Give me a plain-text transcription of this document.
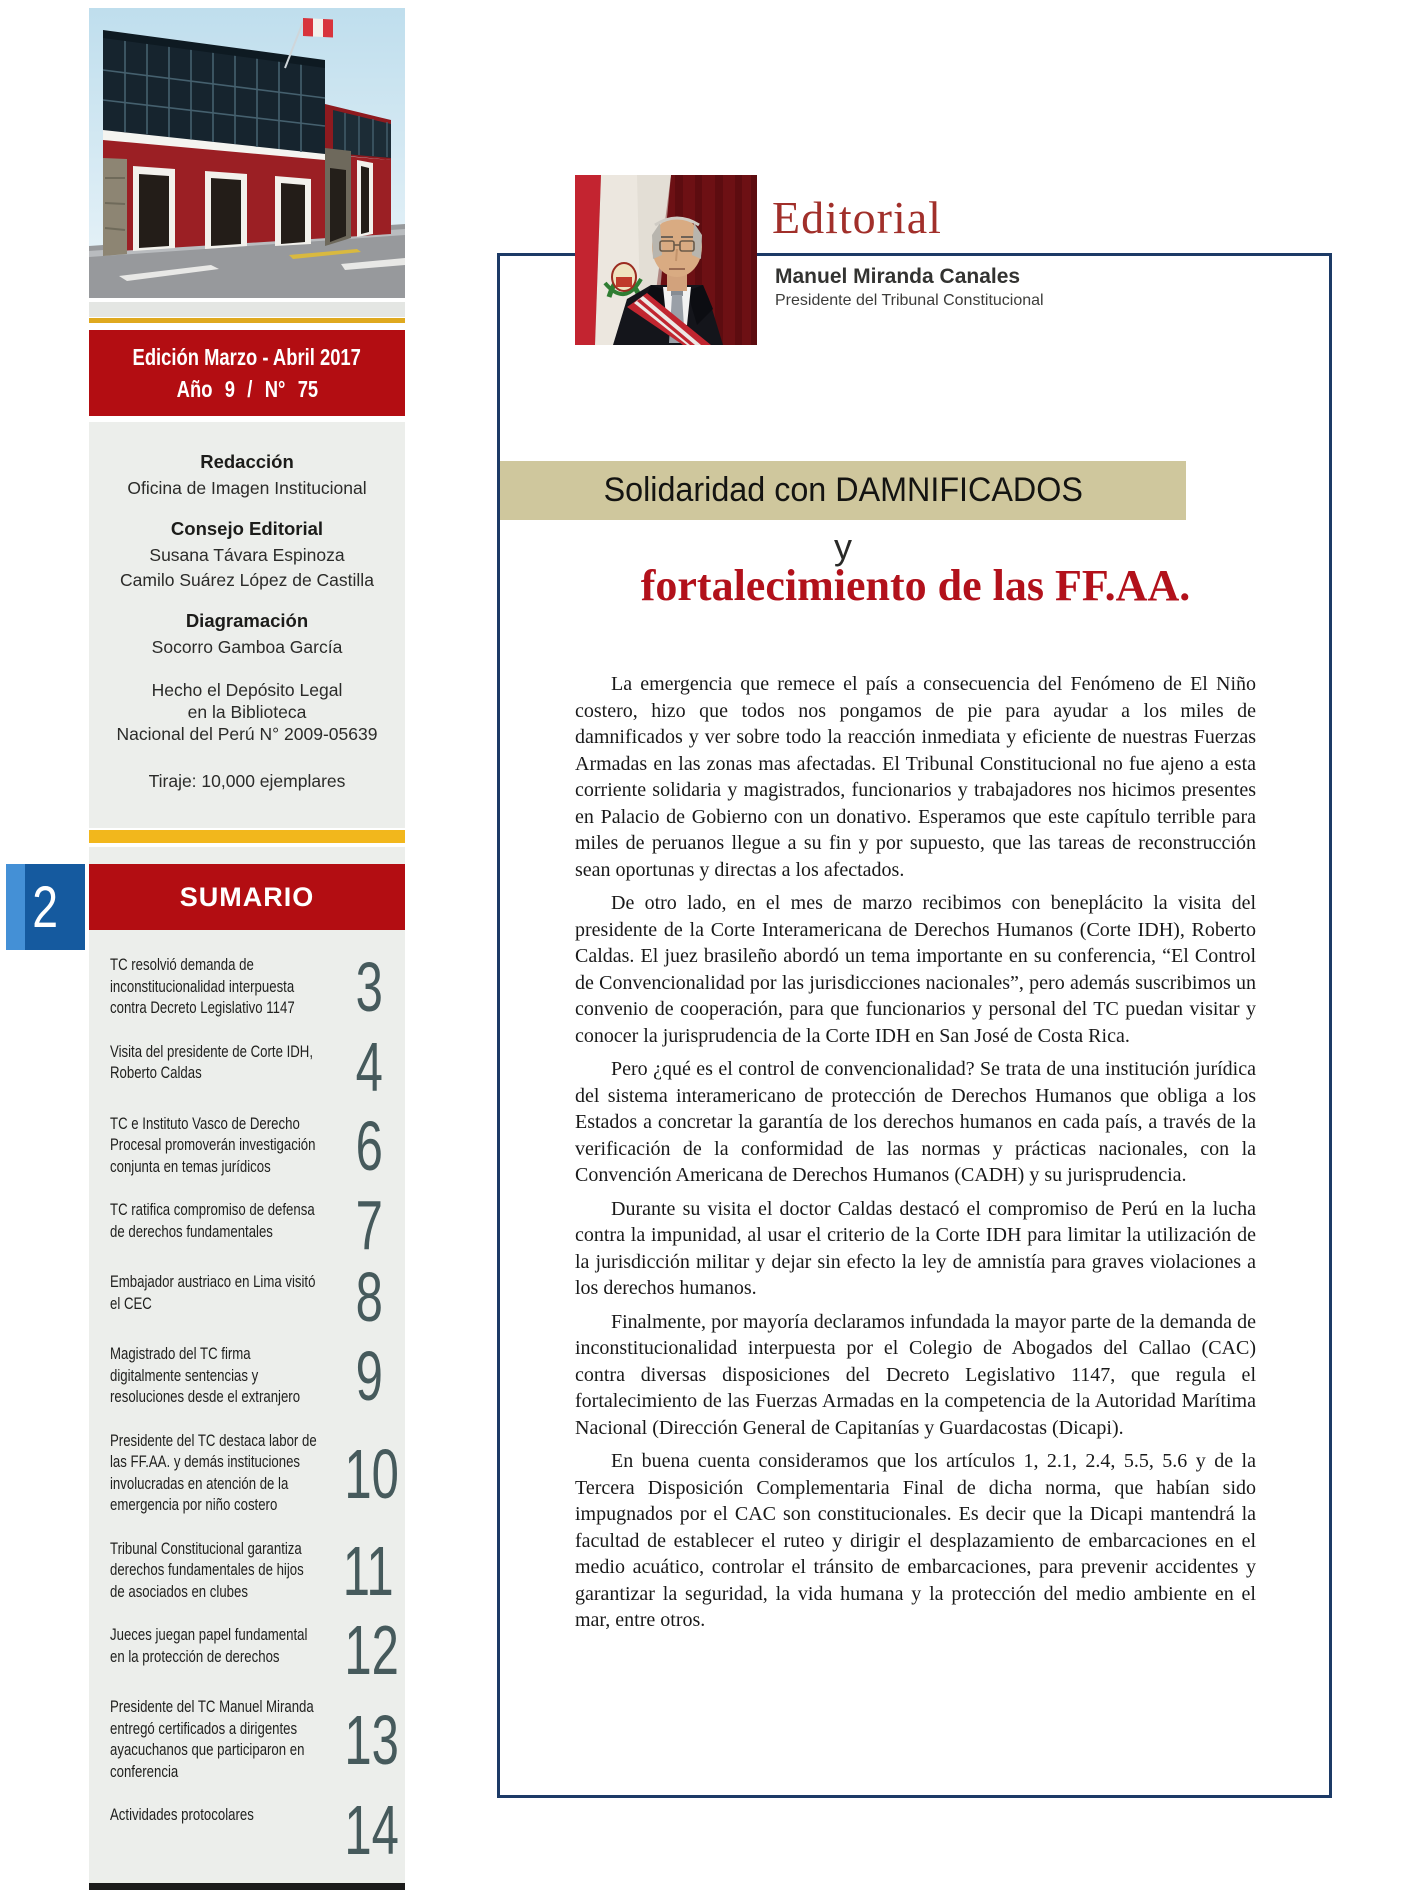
Edición Marzo - Abril 2017
Año 9 / N° 75
Redacción
Oficina de Imagen Institucional
Consejo Editorial
Susana Távara Espinoza
Camilo Suárez López de Castilla
Diagramación
Socorro Gamboa García
Hecho el Depósito Legal
en la Biblioteca
Nacional del Perú N° 2009-05639
Tiraje: 10,000 ejemplares
SUMARIO
TC resolvió demanda de inconstitucionalidad interpuesta contra Decreto Legislativo 1147 3
Visita del presidente de Corte IDH, Roberto Caldas	4
TC e Instituto Vasco de Derecho Procesal promoverán investigación conjunta en temas jurídicos	6
TC ratifica compromiso de defensa de derechos fundamentales	7
Embajador austriaco en Lima visitó el CEC	8
Magistrado del TC firma digitalmente sentencias y resoluciones desde el extranjero 9
Presidente del TC destaca labor de las FF.AA. y demás instituciones involucradas en atención de la emergencia por niño costero 10
Tribunal Constitucional garantiza derechos fundamentales de hijos de asociados en clubes	11
Jueces juegan papel fundamental en la protección de derechos 12
Presidente del TC Manuel Miranda entregó certificados a dirigentes ayacuchanos que participaron en conferencia	13
Actividades protocolares	14
2
Editorial
Manuel Miranda Canales
Presidente del Tribunal Constitucional
Solidaridad con DAMNIFICADOS
y
fortalecimiento de las FF.AA.

La emergencia que remece el país a consecuencia del Fenómeno de El Niño costero, hizo que todos nos pongamos de pie para ayudar a los miles de damnificados y ver sobre todo la reacción inmediata y eficiente de nuestras Fuerzas Armadas en las zonas mas afectadas. El Tribunal Constitucional no fue ajeno a esta corriente solidaria y magistrados, funcionarios y trabajadores nos hicimos presentes en Palacio de Gobierno con un donativo. Esperamos que este capítulo terrible para miles de peruanos llegue a su fin y por supuesto, que las tareas de reconstrucción sean oportunas y directas a los afectados.

De otro lado, en el mes de marzo recibimos con beneplácito la visita del presidente de la Corte Interamericana de Derechos Humanos (Corte IDH), Roberto Caldas. El juez brasileño abordó un tema importante en su conferencia, “El Control de Convencionalidad por las jurisdicciones nacionales”, pero además suscribimos un convenio de cooperación, para que funcionarios y personal del TC puedan visitar y conocer la jurisprudencia de la Corte IDH en San José de Costa Rica.

Pero ¿qué es el control de convencionalidad? Se trata de una institución jurídica del sistema interamericano de protección de Derechos Humanos que obliga a los Estados a concretar la garantía de los derechos humanos en cada país, a través de la verificación de la conformidad de las normas y prácticas nacionales, con la Convención Americana de Derechos Humanos (CADH) y su jurisprudencia.

Durante su visita el doctor Caldas destacó el compromiso de Perú en la lucha contra la impunidad, al usar el criterio de la Corte IDH para limitar la utilización de la jurisdicción militar y dejar sin efecto la ley de amnistía para graves violaciones a los derechos humanos.

Finalmente, por mayoría declaramos infundada la mayor parte de la demanda de inconstitucionalidad interpuesta por el Colegio de Abogados del Callao (CAC) contra diversas disposiciones del Decreto Legislativo 1147, que regula el fortalecimiento de las Fuerzas Armadas en la competencia de la Autoridad Marítima Nacional (Dirección General de Capitanías y Guardacostas (Dicapi).

En buena cuenta consideramos que los artículos 1, 2.1, 2.4, 5.5, 5.6 y de la Tercera Disposición Complementaria Final de dicha norma, que habían sido impugnados por el CAC son constitucionales. Es decir que la Dicapi mantendrá la facultad de establecer el ruteo y dirigir el desplazamiento de embarcaciones en el medio acuático, controlar el tránsito de embarcaciones, para prevenir accidentes y garantizar la seguridad, la vida humana y la protección del medio ambiente en el mar, entre otros.
